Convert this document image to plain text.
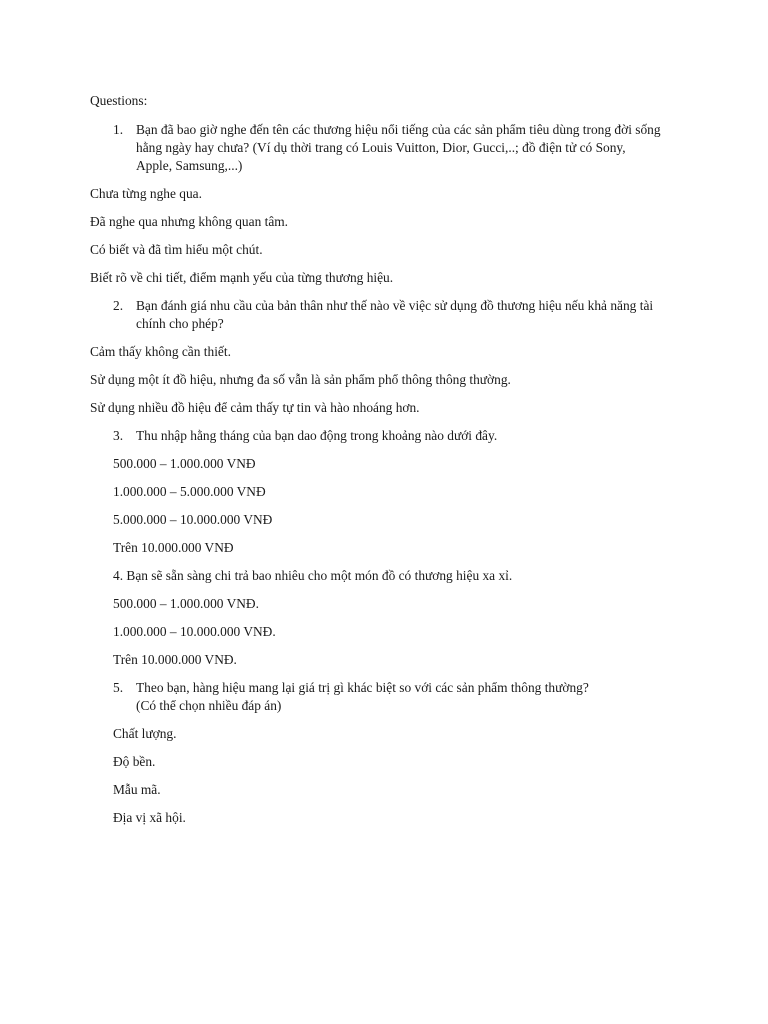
Questions:
1. Bạn đã bao giờ nghe đến tên các thương hiệu nổi tiếng của các sản phẩm tiêu dùng trong đời sống
hằng ngày hay chưa? (Ví dụ thời trang có Louis Vuitton, Dior, Gucci,..; đồ điện tử có Sony,
Apple, Samsung,...)
Chưa từng nghe qua.
Đã nghe qua nhưng không quan tâm.
Có biết và đã tìm hiểu một chút.
Biết rõ về chi tiết, điểm mạnh yếu của từng thương hiệu.
2. Bạn đánh giá nhu cầu của bản thân như thế nào về việc sử dụng đồ thương hiệu nếu khả năng tài
chính cho phép?
Cảm thấy không cần thiết.
Sử dụng một ít đồ hiệu, nhưng đa số vẫn là sản phẩm phổ thông thông thường.
Sử dụng nhiều đồ hiệu để cảm thấy tự tin và hào nhoáng hơn.
3. Thu nhập hằng tháng của bạn dao động trong khoảng nào dưới đây.
500.000 – 1.000.000 VNĐ
1.000.000 – 5.000.000 VNĐ
5.000.000 – 10.000.000 VNĐ
Trên 10.000.000 VNĐ
4. Bạn sẽ sẵn sàng chi trả bao nhiêu cho một món đồ có thương hiệu xa xỉ.
500.000 – 1.000.000 VNĐ.
1.000.000 – 10.000.000 VNĐ.
Trên 10.000.000 VNĐ.
5. Theo bạn, hàng hiệu mang lại giá trị gì khác biệt so với các sản phẩm thông thường?
(Có thể chọn nhiều đáp án)
Chất lượng.
Độ bền.
Mẫu mã.
Địa vị xã hội.
